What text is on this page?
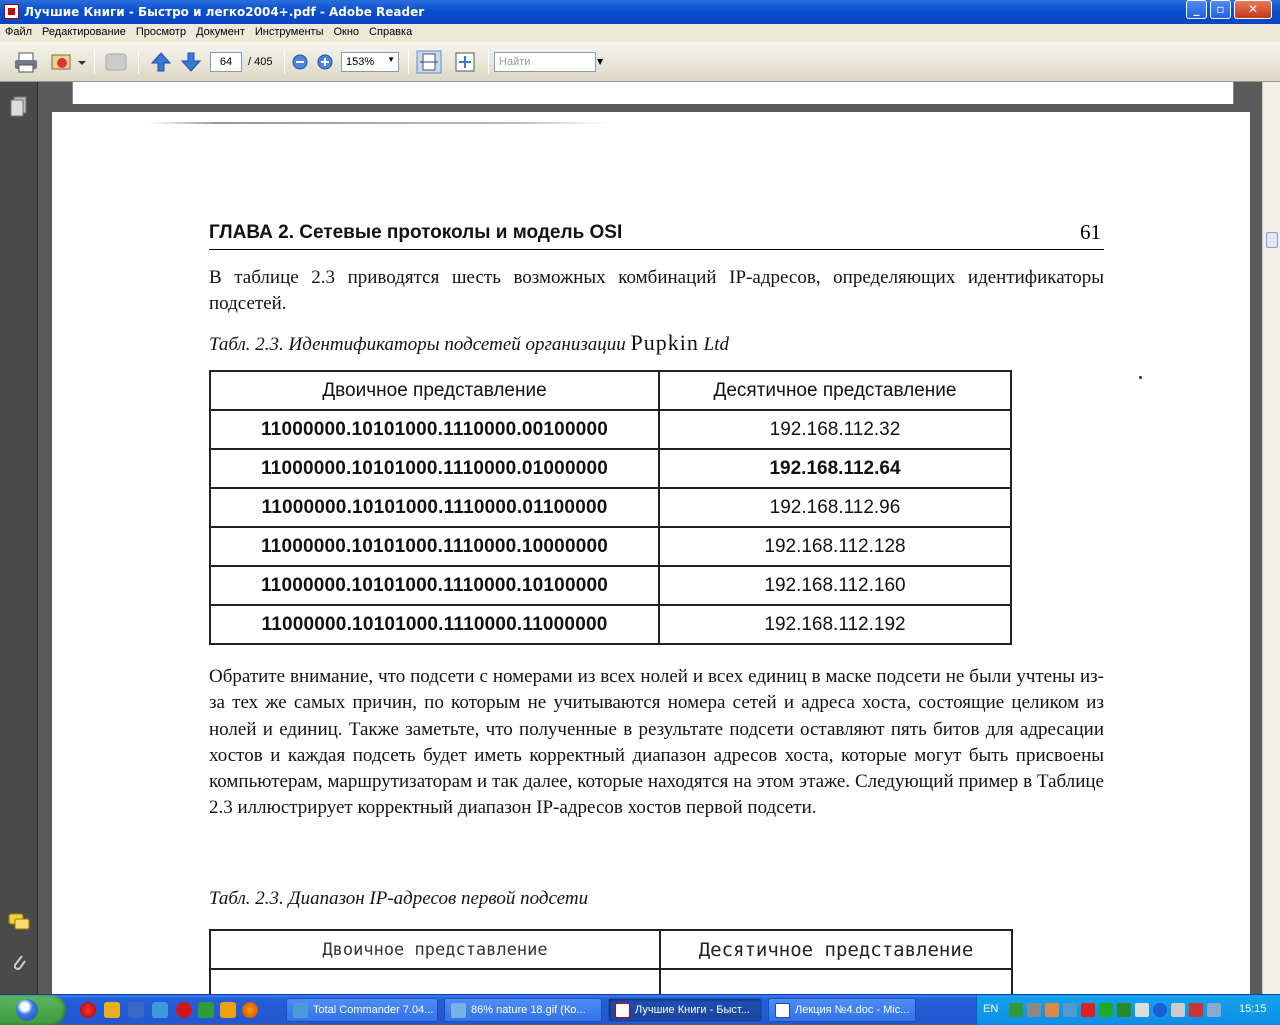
Лучшие Книги - Быстро и легко2004+.pdf - Adobe Reader	_	▫	✕
Файл Редактирование Просмотр Документ Инструменты Окно Справка
64	/ 405	153% ▼	Найти	▼
ГЛАВА 2. Сетевые протоколы и модель OSI	61

В таблице 2.3 приводятся шесть возможных комбинаций IP-адресов, определяющих идентификаторы подсетей.

Табл. 2.3. Идентификаторы подсетей организации Pupkin Ltd
Двоичное представление	Десятичное представление
11000000.10101000.1110000.00100000	192.168.112.32
11000000.10101000.1110000.01000000	192.168.112.64
11000000.10101000.1110000.01100000	192.168.112.96
11000000.10101000.1110000.10000000	192.168.112.128
11000000.10101000.1110000.10100000	192.168.112.160
11000000.10101000.1110000.11000000	192.168.112.192

Обратите внимание, что подсети с номерами из всех нолей и всех единиц в маске подсети не были учтены из-за тех же самых причин, по которым не учитываются номера сетей и адреса хоста, состоящие целиком из нолей и единиц. Также заметьте, что полученные в результате подсети оставляют пять битов для адресации хостов и каждая подсеть будет иметь корректный диапазон адресов хоста, которые могут быть присвоены компьютерам, маршрутизаторам и так далее, которые находятся на этом этаже. Следующий пример в Таблице 2.3 иллюстрирует корректный диапазон IP-адресов хостов первой подсети.

Табл. 2.3. Диапазон IP-адресов первой подсети
Двоичное представление	Десятичное представление

Total Commander 7.04...	86% nature 18.gif (Ко...	Лучшие Книги - Быст...	Лекция №4.doc - Mic...	EN	15:15
